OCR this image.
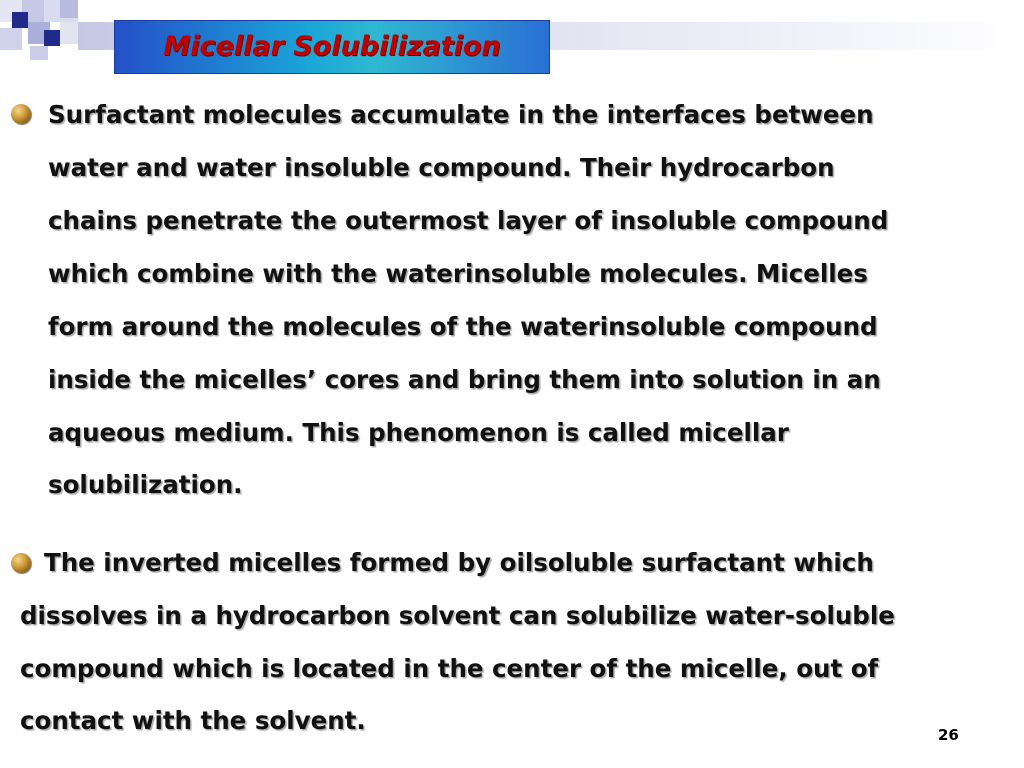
Micellar Solubilization
Surfactant molecules accumulate in the interfaces between
water and water insoluble compound. Their hydrocarbon
chains penetrate the outermost layer of insoluble compound
which combine with the waterinsoluble molecules. Micelles
form around the molecules of the waterinsoluble compound
inside the micelles’ cores and bring them into solution in an
aqueous medium. This phenomenon is called micellar
solubilization.
The inverted micelles formed by oilsoluble surfactant which
dissolves in a hydrocarbon solvent can solubilize water-soluble
compound which is located in the center of the micelle, out of
contact with the solvent.	26
